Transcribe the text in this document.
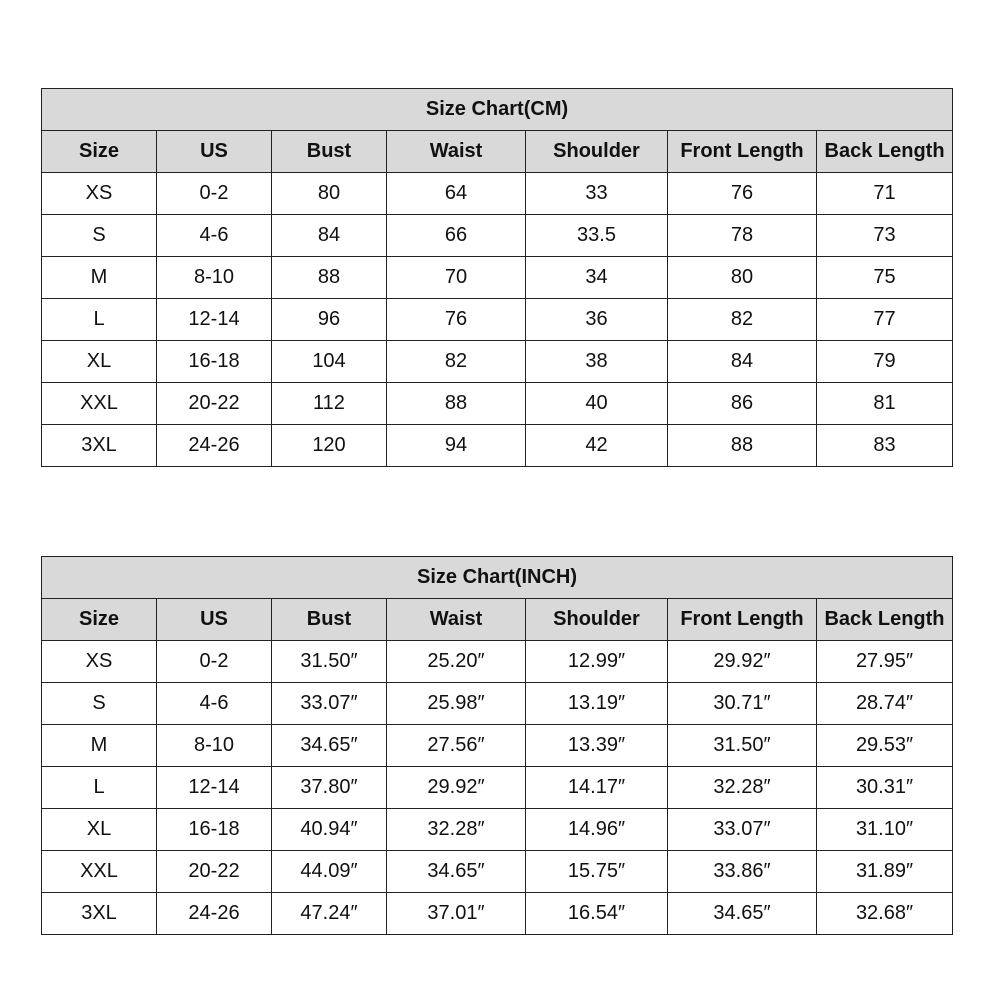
Size Chart(CM)						
Size	US	Bust	Waist	Shoulder	Front Length	Back Length
XS	0-2	80	64	33	76	71
S	4-6	84	66	33.5	78	73
M	8-10	88	70	34	80	75
L	12-14	96	76	36	82	77
XL	16-18	104	82	38	84	79
XXL	20-22	112	88	40	86	81
3XL	24-26	120	94	42	88	83
Size Chart(INCH)						
Size	US	Bust	Waist	Shoulder	Front Length	Back Length
XS	0-2	31.50″	25.20″	12.99″	29.92″	27.95″
S	4-6	33.07″	25.98″	13.19″	30.71″	28.74″
M	8-10	34.65″	27.56″	13.39″	31.50″	29.53″
L	12-14	37.80″	29.92″	14.17″	32.28″	30.31″
XL	16-18	40.94″	32.28″	14.96″	33.07″	31.10″
XXL	20-22	44.09″	34.65″	15.75″	33.86″	31.89″
3XL	24-26	47.24″	37.01″	16.54″	34.65″	32.68″
